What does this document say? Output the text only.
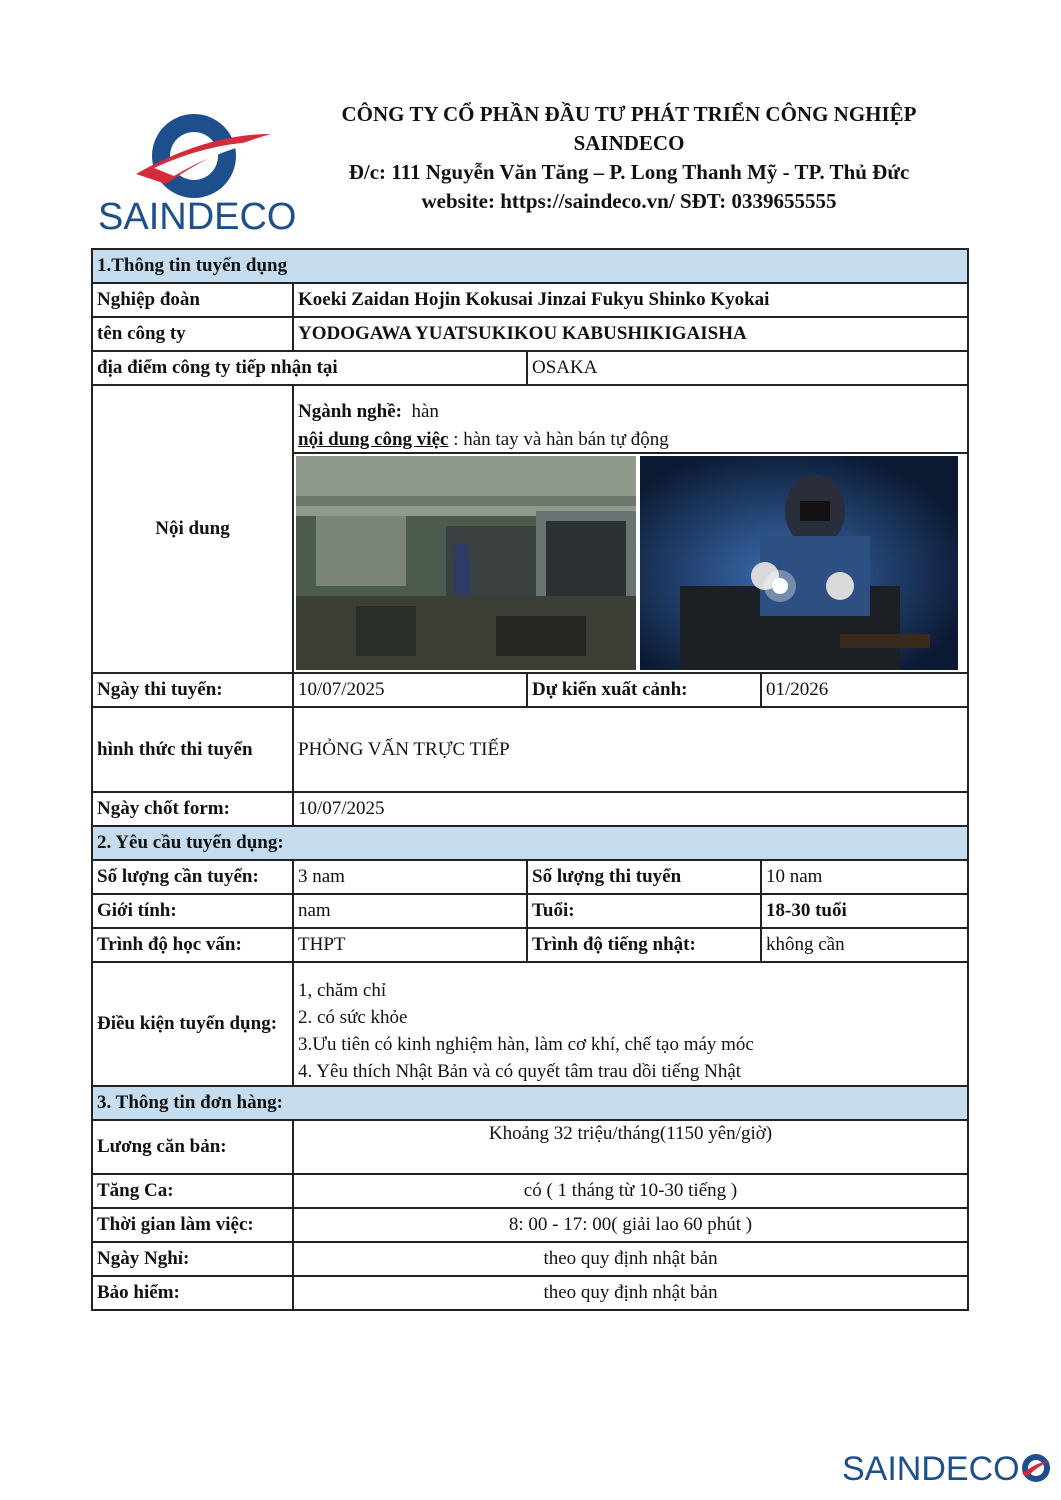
SAINDECO
CÔNG TY CỔ PHẦN ĐẦU TƯ PHÁT TRIỂN CÔNG NGHIỆP
SAINDECO
Đ/c: 111 Nguyễn Văn Tăng – P. Long Thanh Mỹ - TP. Thủ Đức
website: https://saindeco.vn/ SĐT: 0339655555
1.Thông tin tuyển dụng			
Nghiệp đoàn	Koeki Zaidan Hojin Kokusai Jinzai Fukyu Shinko Kyokai		
tên công ty	YODOGAWA YUATSUKIKOU KABUSHIKIGAISHA		
địa điểm công ty tiếp nhận tại		OSAKA	
Nội dung	Ngành nghề: hàn
nội dung công việc : hàn tay và hàn bán tự động		

Ngày thi tuyển:	10/07/2025	Dự kiến xuất cảnh:	01/2026
hình thức thi tuyển	PHỎNG VẤN TRỰC TIẾP		
Ngày chốt form:	10/07/2025		
2. Yêu cầu tuyển dụng:			
Số lượng cần tuyển:	3 nam	Số lượng thi tuyển	10 nam
Giới tính:	nam	Tuổi:	18-30 tuổi
Trình độ học vấn:	THPT	Trình độ tiếng nhật:	không cần
Điều kiện tuyển dụng:	1, chăm chỉ
2. có sức khỏe
3.Ưu tiên có kinh nghiệm hàn, làm cơ khí, chế tạo máy móc
4. Yêu thích Nhật Bản và có quyết tâm trau dồi tiếng Nhật		

3. Thông tin đơn hàng:			
Lương căn bản:	Khoảng 32 triệu/tháng(1150 yên/giờ)		
Tăng Ca:	có ( 1 tháng từ 10-30 tiếng )		
Thời gian làm việc:	8: 00 - 17: 00( giải lao 60 phút )		
Ngày Nghỉ:	theo quy định nhật bản		
Bảo hiểm:	theo quy định nhật bản		
SAINDECO
